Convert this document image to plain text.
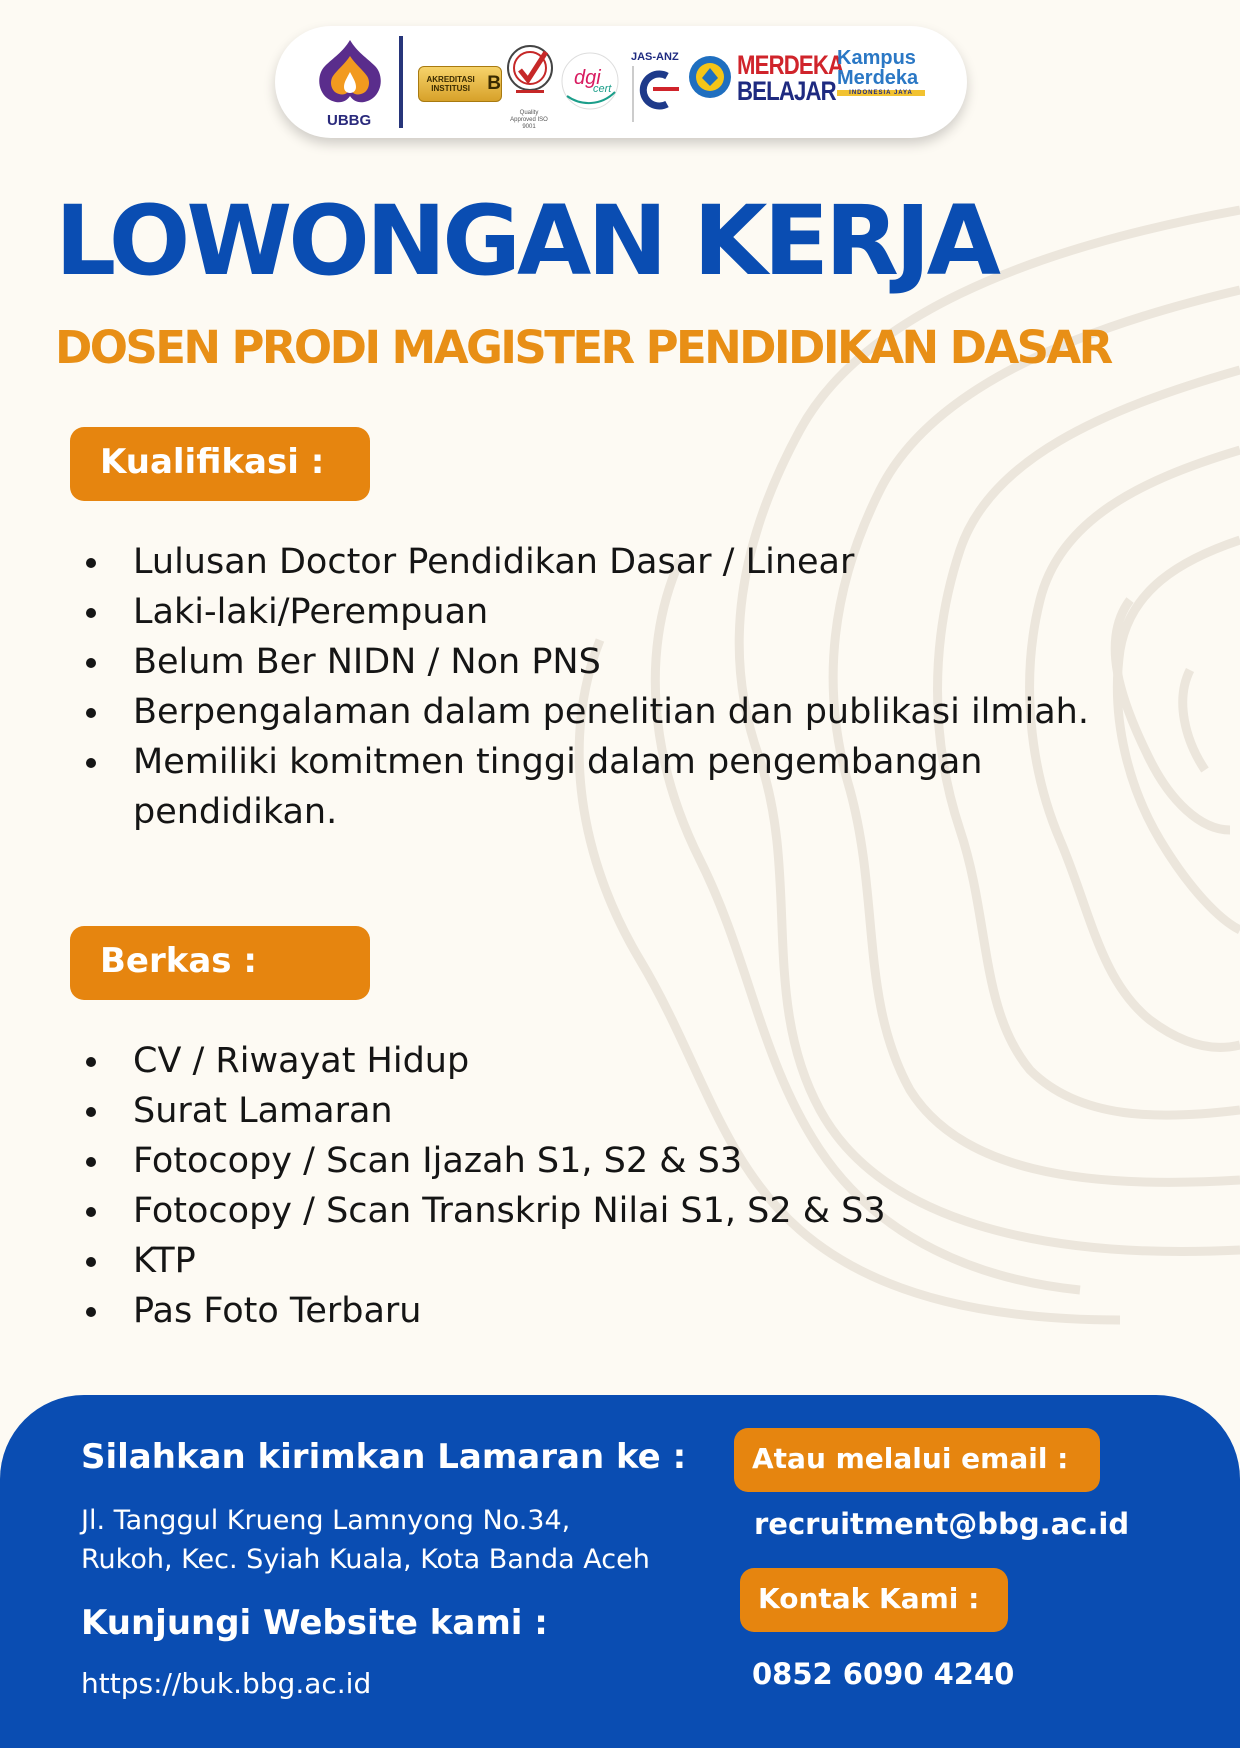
UBBG
AKREDITASI INSTITUSI B
Quality Approved ISO 9001
dgi
cert
JAS-ANZ MERDEKA
BELAJAR
Kampus
Merdeka
INDONESIA JAYA
LOWONGAN KERJA
DOSEN PRODI MAGISTER PENDIDIKAN DASAR
Kualifikasi :
Lulusan Doctor Pendidikan Dasar / Linear
Laki-laki/Perempuan
Belum Ber NIDN / Non PNS
Berpengalaman dalam penelitian dan publikasi ilmiah.
Memiliki komitmen tinggi dalam pengembangan pendidikan.
Berkas :
CV / Riwayat Hidup
Surat Lamaran
Fotocopy / Scan Ijazah S1, S2 & S3
Fotocopy / Scan Transkrip Nilai S1, S2 & S3
KTP
Pas Foto Terbaru
Silahkan kirimkan Lamaran ke :
Jl. Tanggul Krueng Lamnyong No.34,
Rukoh, Kec. Syiah Kuala, Kota Banda Aceh
Kunjungi Website kami :
https://buk.bbg.ac.id
Atau melalui email :
recruitment@bbg.ac.id
Kontak Kami :
0852 6090 4240
